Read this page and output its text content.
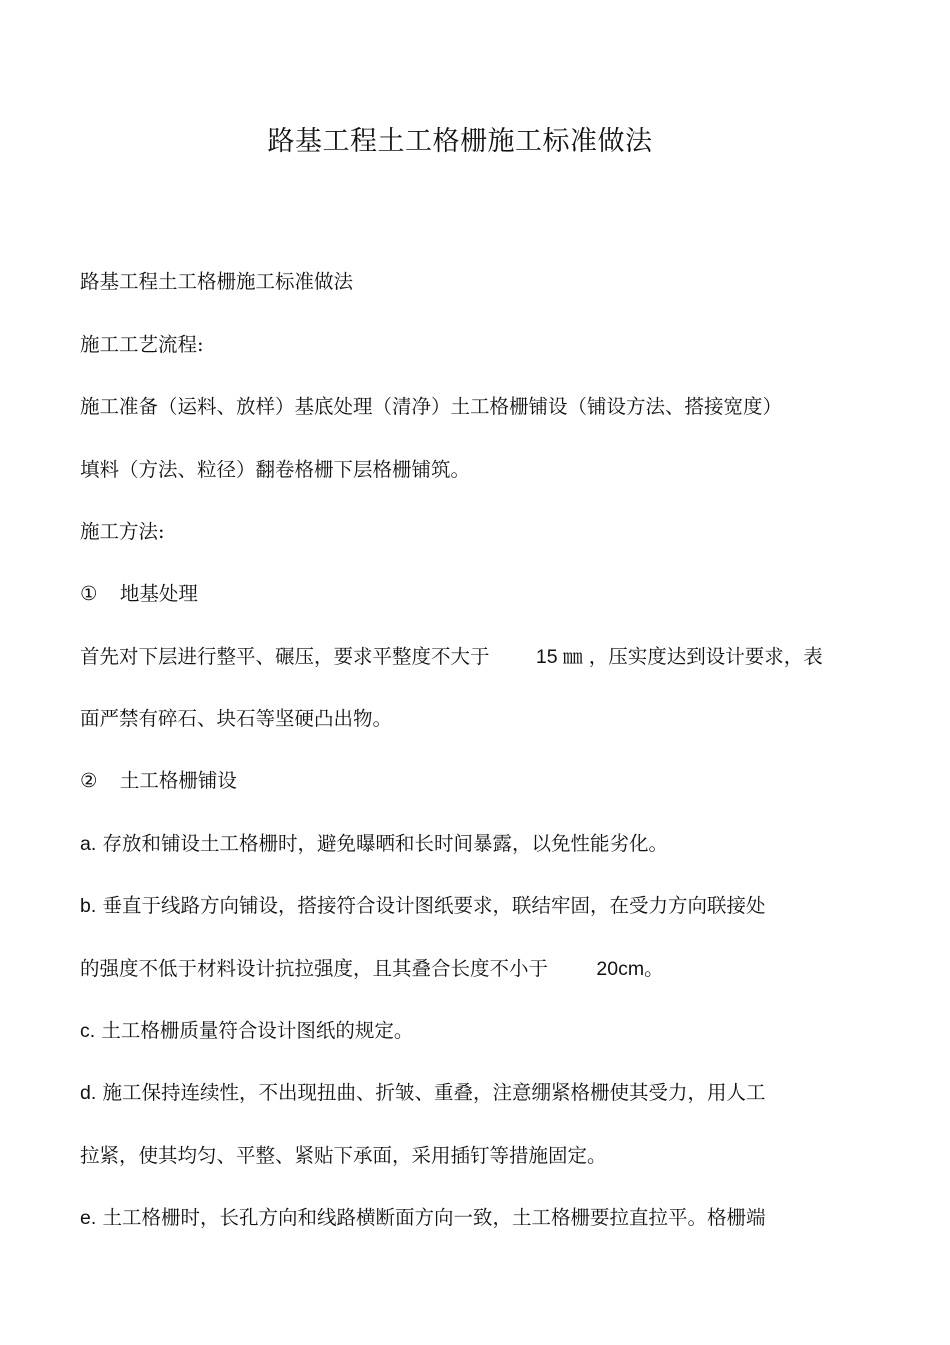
路基工程土工格栅施工标准做法
路基工程土工格栅施工标准做法
施工工艺流程:
施工准备（运料、放样）基底处理（清净）土工格栅铺设（铺设方法、搭接宽度）
填料（方法、粒径）翻卷格栅下层格栅铺筑。
施工方法:
① 地基处理
首先对下层进行整平、碾压，要求平整度不大于 15 ㎜ ，压实度达到设计要求，表
面严禁有碎石、块石等坚硬凸出物。
② 土工格栅铺设
a. 存放和铺设土工格栅时，避免曝晒和长时间暴露，以免性能劣化。
b. 垂直于线路方向铺设，搭接符合设计图纸要求，联结牢固，在受力方向联接处
的强度不低于材料设计抗拉强度，且其叠合长度不小于 20cm。
c. 土工格栅质量符合设计图纸的规定。
d. 施工保持连续性，不出现扭曲、折皱、重叠，注意绷紧格栅使其受力，用人工
拉紧，使其均匀、平整、紧贴下承面，采用插钉等措施固定。
e. 土工格栅时，长孔方向和线路横断面方向一致，土工格栅要拉直拉平。格栅端
